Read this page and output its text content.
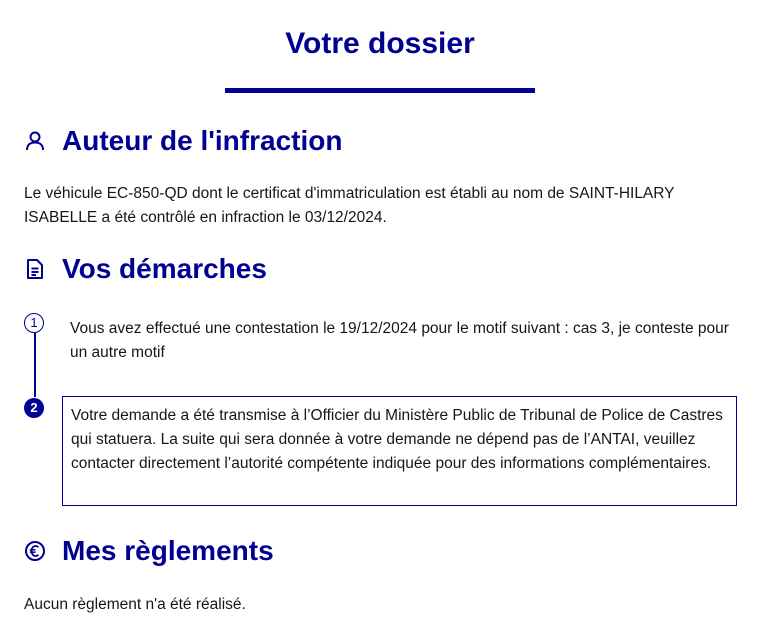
Votre dossier
Auteur de l'infraction

Le véhicule EC-850-QD dont le certificat d'immatriculation est établi au nom de SAINT-HILARY ISABELLE a été contrôlé en infraction le 03/12/2024.

Vos démarches
1	Vous avez effectué une contestation le 19/12/2024 pour le motif suivant : cas 3, je conteste pour un autre motif

2	Votre demande a été transmise à l’Officier du Ministère Public de Tribunal de Police de Castres qui statuera. La suite qui sera donnée à votre demande ne dépend pas de l’ANTAI, veuillez contacter directement l’autorité compétente indiquée pour des informations complémentaires.
Mes règlements

Aucun règlement n'a été réalisé.
